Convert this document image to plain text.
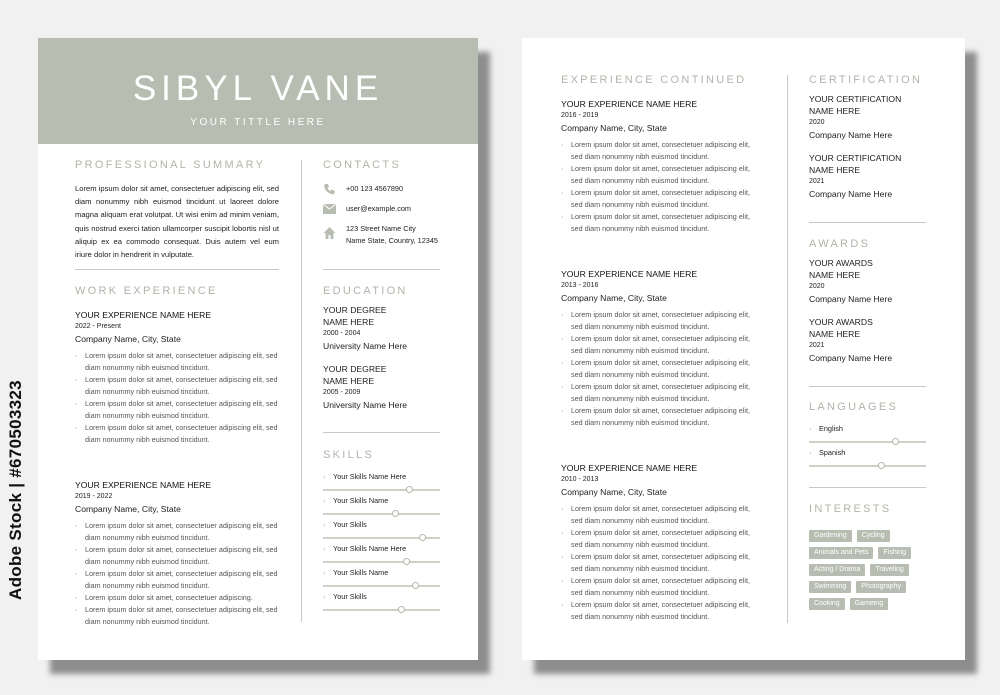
Adobe Stock | #670503323
SIBYL VANE
YOUR TITTLE HERE
PROFESSIONAL SUMMARY
Lorem ipsum dolor sit amet, consectetuer adipiscing elit, sed diam nonummy nibh euismod tincidunt ut laoreet dolore magna aliquam erat volutpat. Ut wisi enim ad minim veniam, quis nostrud exerci tation ullamcorper suscipit lobortis nisl ut aliquip ex ea commodo consequat. Duis autem vel eum iriure dolor in hendrerit in vulputate.
WORK EXPERIENCE
YOUR EXPERIENCE NAME HERE
2022 - Present
Company Name, City, State
· Lorem ipsum dolor sit amet, consectetuer adipiscing elit, sed diam nonummy nibh euismod tincidunt.
· Lorem ipsum dolor sit amet, consectetuer adipiscing elit, sed diam nonummy nibh euismod tincidunt.
· Lorem ipsum dolor sit amet, consectetuer adipiscing elit, sed diam nonummy nibh euismod tincidunt.
· Lorem ipsum dolor sit amet, consectetuer adipiscing elit, sed diam nonummy nibh euismod tincidunt.
YOUR EXPERIENCE NAME HERE
2019 - 2022
Company Name, City, State
· Lorem ipsum dolor sit amet, consectetuer adipiscing elit, sed diam nonummy nibh euismod tincidunt.
· Lorem ipsum dolor sit amet, consectetuer adipiscing elit, sed diam nonummy nibh euismod tincidunt.
· Lorem ipsum dolor sit amet, consectetuer adipiscing elit, sed diam nonummy nibh euismod tincidunt.
· Lorem ipsum dolor sit amet, consectetuer adipiscing.
· Lorem ipsum dolor sit amet, consectetuer adipiscing elit, sed diam nonummy nibh euismod tincidunt.
CONTACTS
+00 123 4567890
user@example.com
123 Street Name City
Name State, Country, 12345
EDUCATION
YOUR DEGREE
NAME HERE
2000 - 2004
University Name Here
YOUR DEGREE
NAME HERE
2005 - 2009
University Name Here
SKILLS
· Your Skills Name Here
· Your Skills Name
· Your Skills
· Your Skills Name Here
· Your Skills Name
· Your Skills
EXPERIENCE CONTINUED
YOUR EXPERIENCE NAME HERE
2016 - 2019
Company Name, City, State
· Lorem ipsum dolor sit amet, consectetuer adipiscing elit, sed diam nonummy nibh euismod tincidunt.
· Lorem ipsum dolor sit amet, consectetuer adipiscing elit, sed diam nonummy nibh euismod tincidunt.
· Lorem ipsum dolor sit amet, consectetuer adipiscing elit, sed diam nonummy nibh euismod tincidunt.
· Lorem ipsum dolor sit amet, consectetuer adipiscing elit, sed diam nonummy nibh euismod tincidunt.
YOUR EXPERIENCE NAME HERE
2013 - 2016
Company Name, City, State
· Lorem ipsum dolor sit amet, consectetuer adipiscing elit, sed diam nonummy nibh euismod tincidunt.
· Lorem ipsum dolor sit amet, consectetuer adipiscing elit, sed diam nonummy nibh euismod tincidunt.
· Lorem ipsum dolor sit amet, consectetuer adipiscing elit, sed diam nonummy nibh euismod tincidunt.
· Lorem ipsum dolor sit amet, consectetuer adipiscing elit, sed diam nonummy nibh euismod tincidunt.
· Lorem ipsum dolor sit amet, consectetuer adipiscing elit, sed diam nonummy nibh euismod tincidunt.
YOUR EXPERIENCE NAME HERE
2010 - 2013
Company Name, City, State
· Lorem ipsum dolor sit amet, consectetuer adipiscing elit, sed diam nonummy nibh euismod tincidunt.
· Lorem ipsum dolor sit amet, consectetuer adipiscing elit, sed diam nonummy nibh euismod tincidunt.
· Lorem ipsum dolor sit amet, consectetuer adipiscing elit, sed diam nonummy nibh euismod tincidunt.
· Lorem ipsum dolor sit amet, consectetuer adipiscing elit, sed diam nonummy nibh euismod tincidunt.
· Lorem ipsum dolor sit amet, consectetuer adipiscing elit, sed diam nonummy nibh euismod tincidunt.
CERTIFICATION
YOUR CERTIFICATION
NAME HERE
2020
Company Name Here
YOUR CERTIFICATION
NAME HERE
2021
Company Name Here
AWARDS
YOUR AWARDS
NAME HERE
2020
Company Name Here
YOUR AWARDS
NAME HERE
2021
Company Name Here
LANGUAGES
· English
· Spanish
INTERESTS
Gardening	Cycling
Animals and Pets	Fishing
Acting / Drama	Traveling
Swimming	Photography
Cooking	Gameing
